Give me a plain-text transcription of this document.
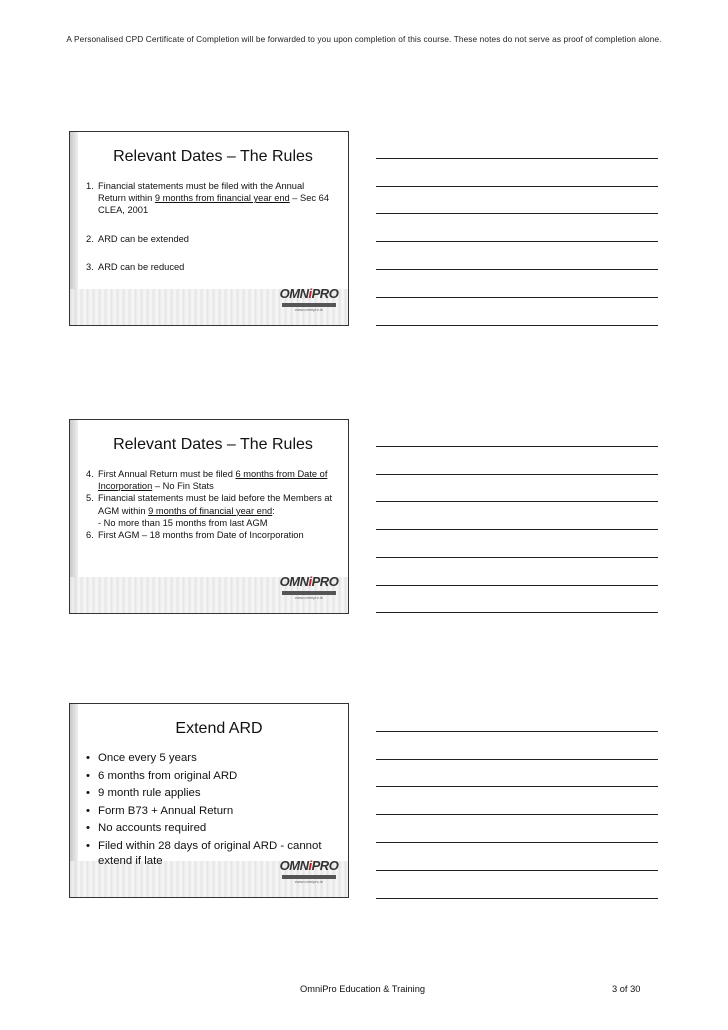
A Personalised CPD Certificate of Completion will be forwarded to you upon completion of this course. These notes do not serve as proof of completion alone.
Relevant Dates – The Rules
1. Financial statements must be filed with the Annual Return within 9 months from financial year end – Sec 64 CLEA, 2001
2. ARD can be extended
3. ARD can be reduced
OMNiPRO
www.omnipro.ie
Relevant Dates – The Rules
4. First Annual Return must be filed 6 months from Date of Incorporation – No Fin Stats
5. Financial statements must be laid before the Members at AGM within 9 months of financial year end:
- No more than 15 months from last AGM
6. First AGM – 18 months from Date of Incorporation
OMNiPRO
www.omnipro.ie
Extend ARD
• Once every 5 years
• 6 months from original ARD
• 9 month rule applies
• Form B73 + Annual Return
• No accounts required
• Filed within 28 days of original ARD - cannot extend if late	OMNiPRO
www.omnipro.ie
OmniPro Education & Training	3 of 30
